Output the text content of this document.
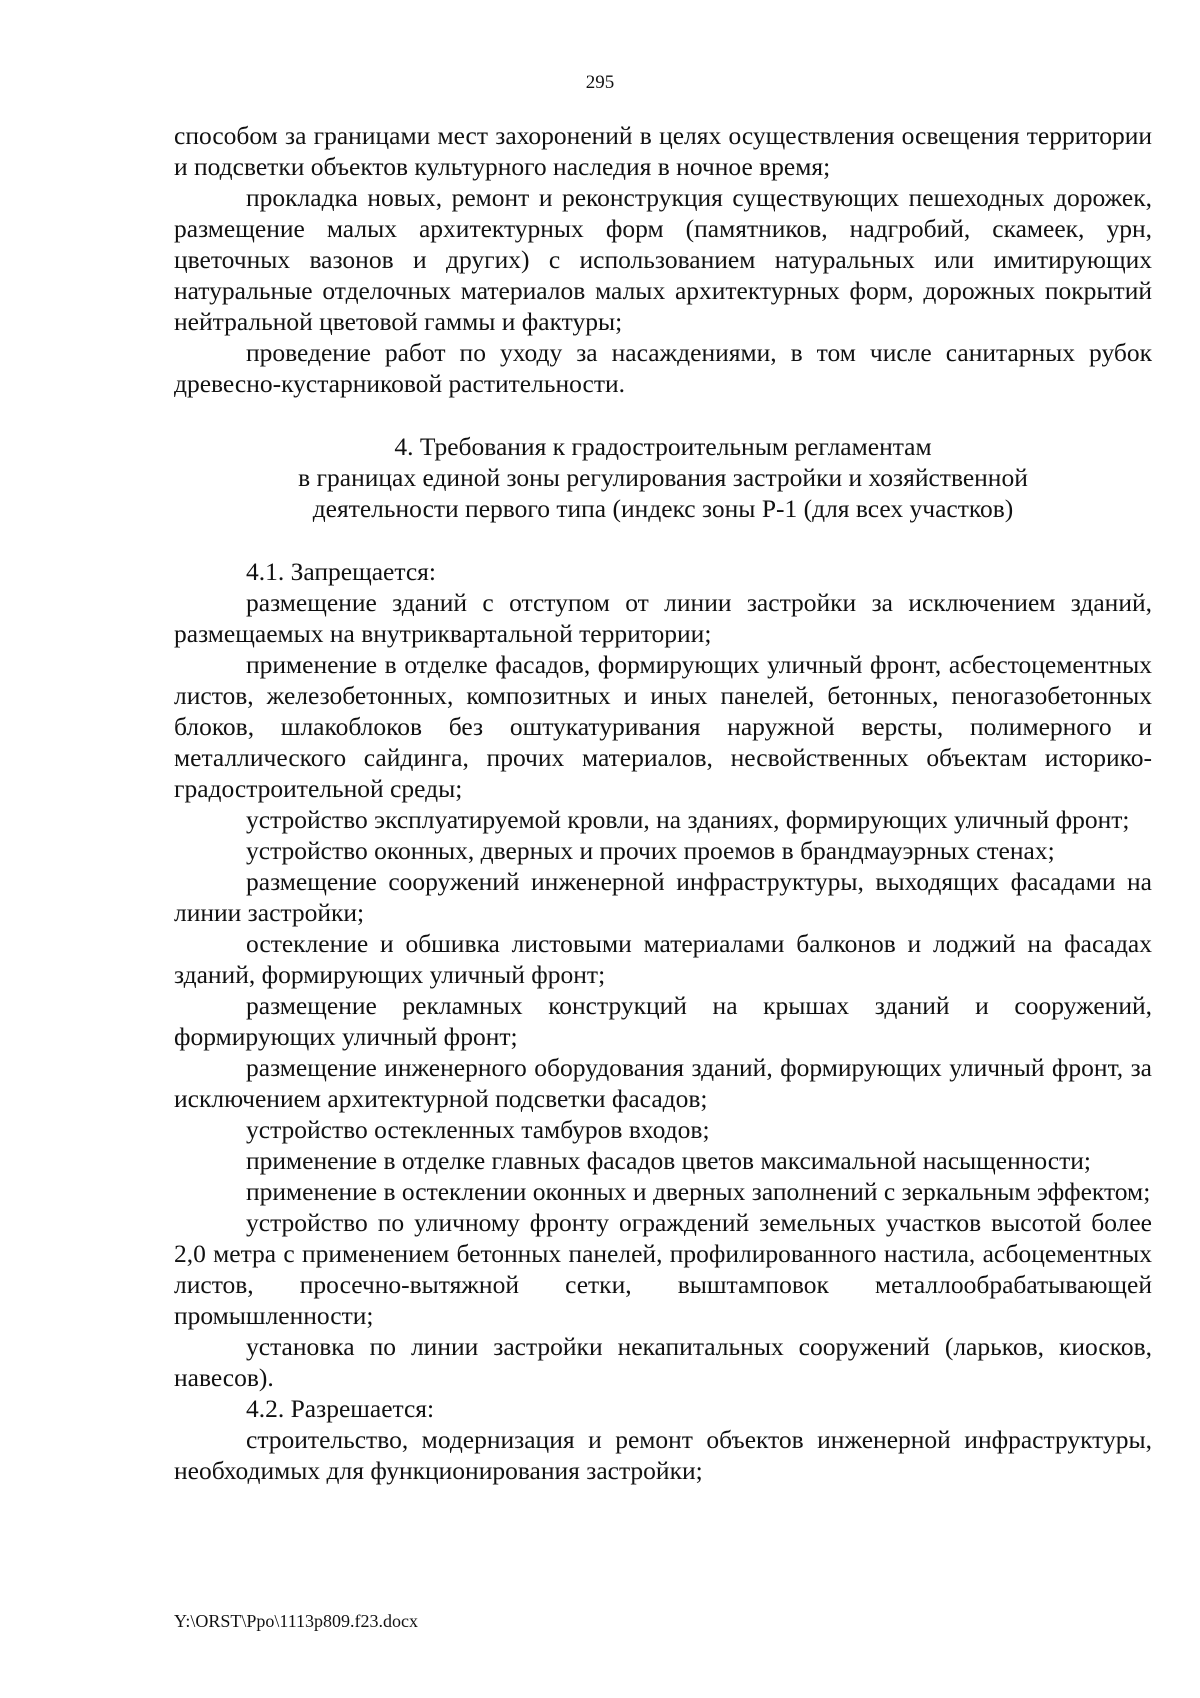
295

способом за границами мест захоронений в целях осуществления освещения территории и подсветки объектов культурного наследия в ночное время;

прокладка новых, ремонт и реконструкция существующих пешеходных дорожек, размещение малых архитектурных форм (памятников, надгробий, скамеек, урн, цветочных вазонов и других) с использованием натуральных или имитирующих натуральные отделочных материалов малых архитектурных форм, дорожных покрытий нейтральной цветовой гаммы и фактуры;

проведение работ по уходу за насаждениями, в том числе санитарных рубок древесно-кустарниковой растительности.

4. Требования к градостроительным регламентам
в границах единой зоны регулирования застройки и хозяйственной
деятельности первого типа (индекс зоны Р-1 (для всех участков)

4.1. Запрещается:

размещение зданий с отступом от линии застройки за исключением зданий, размещаемых на внутриквартальной территории;

применение в отделке фасадов, формирующих уличный фронт, асбестоцементных листов, железобетонных, композитных и иных панелей, бетонных, пеногазобетонных блоков, шлакоблоков без оштукатуривания наружной версты, полимерного и металлического сайдинга, прочих материалов, несвойственных объектам историко-градостроительной среды;

устройство эксплуатируемой кровли, на зданиях, формирующих уличный фронт;

устройство оконных, дверных и прочих проемов в брандмауэрных стенах;

размещение сооружений инженерной инфраструктуры, выходящих фасадами на линии застройки;

остекление и обшивка листовыми материалами балконов и лоджий на фасадах зданий, формирующих уличный фронт;

размещение рекламных конструкций на крышах зданий и сооружений, формирующих уличный фронт;

размещение инженерного оборудования зданий, формирующих уличный фронт, за исключением архитектурной подсветки фасадов;

устройство остекленных тамбуров входов;

применение в отделке главных фасадов цветов максимальной насыщенности;

применение в остеклении оконных и дверных заполнений с зеркальным эффектом;

устройство по уличному фронту ограждений земельных участков высотой более 2,0 метра с применением бетонных панелей, профилированного настила, асбоцементных листов, просечно-вытяжной сетки, выштамповок металлообрабатывающей промышленности;

установка по линии застройки некапитальных сооружений (ларьков, киосков, навесов).

4.2. Разрешается:

строительство, модернизация и ремонт объектов инженерной инфраструктуры, необходимых для функционирования застройки;

Y:\ORST\Ppo\1113p809.f23.docx
